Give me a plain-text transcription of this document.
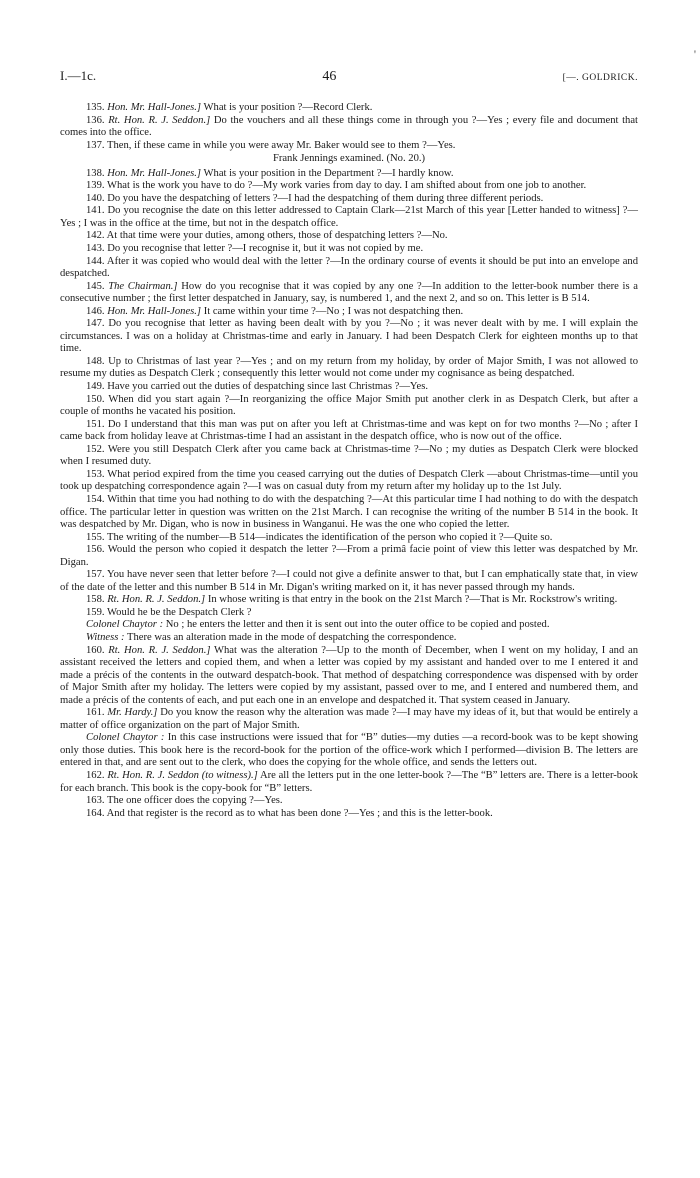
'
I.—1c.	46	[—. GOLDRICK.

135. Hon. Mr. Hall-Jones.] What is your position ?—Record Clerk.

136. Rt. Hon. R. J. Seddon.] Do the vouchers and all these things come in through you ?—Yes ; every file and document that comes into the office.

137. Then, if these came in while you were away Mr. Baker would see to them ?—Yes.

Frank Jennings examined. (No. 20.)

138. Hon. Mr. Hall-Jones.] What is your position in the Department ?—I hardly know.

139. What is the work you have to do ?—My work varies from day to day. I am shifted about from one job to another.

140. Do you have the despatching of letters ?—I had the despatching of them during three different periods.

141. Do you recognise the date on this letter addressed to Captain Clark—21st March of this year [Letter handed to witness] ?—Yes ; I was in the office at the time, but not in the despatch office.

142. At that time were your duties, among others, those of despatching letters ?—No.

143. Do you recognise that letter ?—I recognise it, but it was not copied by me.

144. After it was copied who would deal with the letter ?—In the ordinary course of events it should be put into an envelope and despatched.

145. The Chairman.] How do you recognise that it was copied by any one ?—In addition to the letter-book number there is a consecutive number ; the first letter despatched in January, say, is numbered 1, and the next 2, and so on. This letter is B 514.

146. Hon. Mr. Hall-Jones.] It came within your time ?—No ; I was not despatching then.

147. Do you recognise that letter as having been dealt with by you ?—No ; it was never dealt with by me. I will explain the circumstances. I was on a holiday at Christmas-time and early in January. I had been Despatch Clerk for eighteen months up to that time.

148. Up to Christmas of last year ?—Yes ; and on my return from my holiday, by order of Major Smith, I was not allowed to resume my duties as Despatch Clerk ; consequently this letter would not come under my cognisance as being despatched.

149. Have you carried out the duties of despatching since last Christmas ?—Yes.

150. When did you start again ?—In reorganizing the office Major Smith put another clerk in as Despatch Clerk, but after a couple of months he vacated his position.

151. Do I understand that this man was put on after you left at Christmas-time and was kept on for two months ?—No ; after I came back from holiday leave at Christmas-time I had an assistant in the despatch office, who is now out of the office.

152. Were you still Despatch Clerk after you came back at Christmas-time ?—No ; my duties as Despatch Clerk were blocked when I resumed duty.

153. What period expired from the time you ceased carrying out the duties of Despatch Clerk —about Christmas-time—until you took up despatching correspondence again ?—I was on casual duty from my return after my holiday up to the 1st July.

154. Within that time you had nothing to do with the despatching ?—At this particular time I had nothing to do with the despatch office. The particular letter in question was written on the 21st March. I can recognise the writing of the number B 514 in the book. It was despatched by Mr. Digan, who is now in business in Wanganui. He was the one who copied the letter.

155. The writing of the number—B 514—indicates the identification of the person who copied it ?—Quite so.

156. Would the person who copied it despatch the letter ?—From a primâ facie point of view this letter was despatched by Mr. Digan.

157. You have never seen that letter before ?—I could not give a definite answer to that, but I can emphatically state that, in view of the date of the letter and this number B 514 in Mr. Digan's writing marked on it, it has never passed through my hands.

158. Rt. Hon. R. J. Seddon.] In whose writing is that entry in the book on the 21st March ?—That is Mr. Rockstrow's writing.

159. Would he be the Despatch Clerk ?

Colonel Chaytor : No ; he enters the letter and then it is sent out into the outer office to be copied and posted.

Witness : There was an alteration made in the mode of despatching the correspondence.

160. Rt. Hon. R. J. Seddon.] What was the alteration ?—Up to the month of December, when I went on my holiday, I and an assistant received the letters and copied them, and when a letter was copied by my assistant and handed over to me I entered it and made a précis of the contents in the outward despatch-book. That method of despatching correspondence was dispensed with by order of Major Smith after my holiday. The letters were copied by my assistant, passed over to me, and I entered and numbered them, and made a précis of the contents of each, and put each one in an envelope and despatched it. That system ceased in January.

161. Mr. Hardy.] Do you know the reason why the alteration was made ?—I may have my ideas of it, but that would be entirely a matter of office organization on the part of Major Smith.

Colonel Chaytor : In this case instructions were issued that for “B” duties—my duties —a record-book was to be kept showing only those duties. This book here is the record-book for the portion of the office-work which I performed—division B. The letters are entered in that, and are sent out to the clerk, who does the copying for the whole office, and sends the letters out.

162. Rt. Hon. R. J. Seddon (to witness).] Are all the letters put in the one letter-book ?—The “B” letters are. There is a letter-book for each branch. This book is the copy-book for “B” letters.

163. The one officer does the copying ?—Yes.

164. And that register is the record as to what has been done ?—Yes ; and this is the letter-book.
